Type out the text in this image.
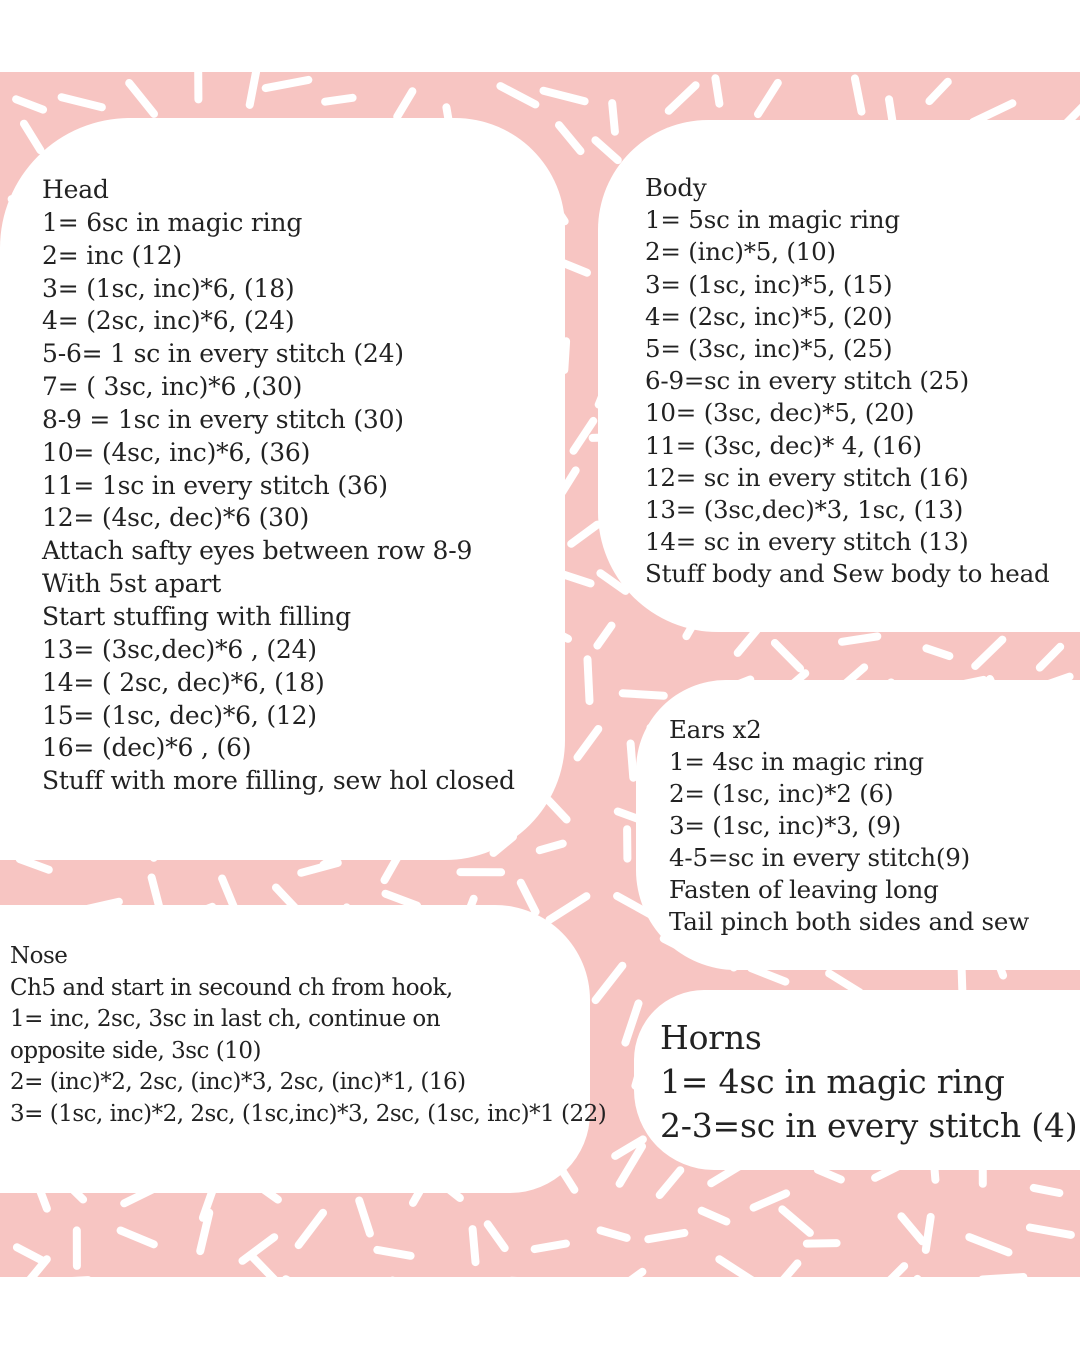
Head
1= 6sc in magic ring
2= inc (12)
3= (1sc, inc)*6, (18)
4= (2sc, inc)*6, (24)
5-6= 1 sc in every stitch (24)
7= ( 3sc, inc)*6 ,(30)
8-9 = 1sc in every stitch (30)
10= (4sc, inc)*6, (36)
11= 1sc in every stitch (36)
12= (4sc, dec)*6 (30)
Attach safty eyes between row 8-9
With 5st apart
Start stuffing with filling
13= (3sc,dec)*6 , (24)
14= ( 2sc, dec)*6, (18)
15= (1sc, dec)*6, (12)
16= (dec)*6 , (6)
Stuff with more filling, sew hol closed
Body
1= 5sc in magic ring
2= (inc)*5, (10)
3= (1sc, inc)*5, (15)
4= (2sc, inc)*5, (20)
5= (3sc, inc)*5, (25)
6-9=sc in every stitch (25)
10= (3sc, dec)*5, (20)
11= (3sc, dec)* 4, (16)
12= sc in every stitch (16)
13= (3sc,dec)*3, 1sc, (13)
14= sc in every stitch (13)
Stuff body and Sew body to head
Ears x2
1= 4sc in magic ring
2= (1sc, inc)*2 (6)
3= (1sc, inc)*3, (9)
4-5=sc in every stitch(9)
Fasten of leaving long
Tail pinch both sides and sew
Nose
Ch5 and start in secound ch from hook,
1= inc, 2sc, 3sc in last ch, continue on
opposite side, 3sc (10)
2= (inc)*2, 2sc, (inc)*3, 2sc, (inc)*1, (16)
3= (1sc, inc)*2, 2sc, (1sc,inc)*3, 2sc, (1sc, inc)*1 (22)
Horns
1= 4sc in magic ring
2-3=sc in every stitch (4)
